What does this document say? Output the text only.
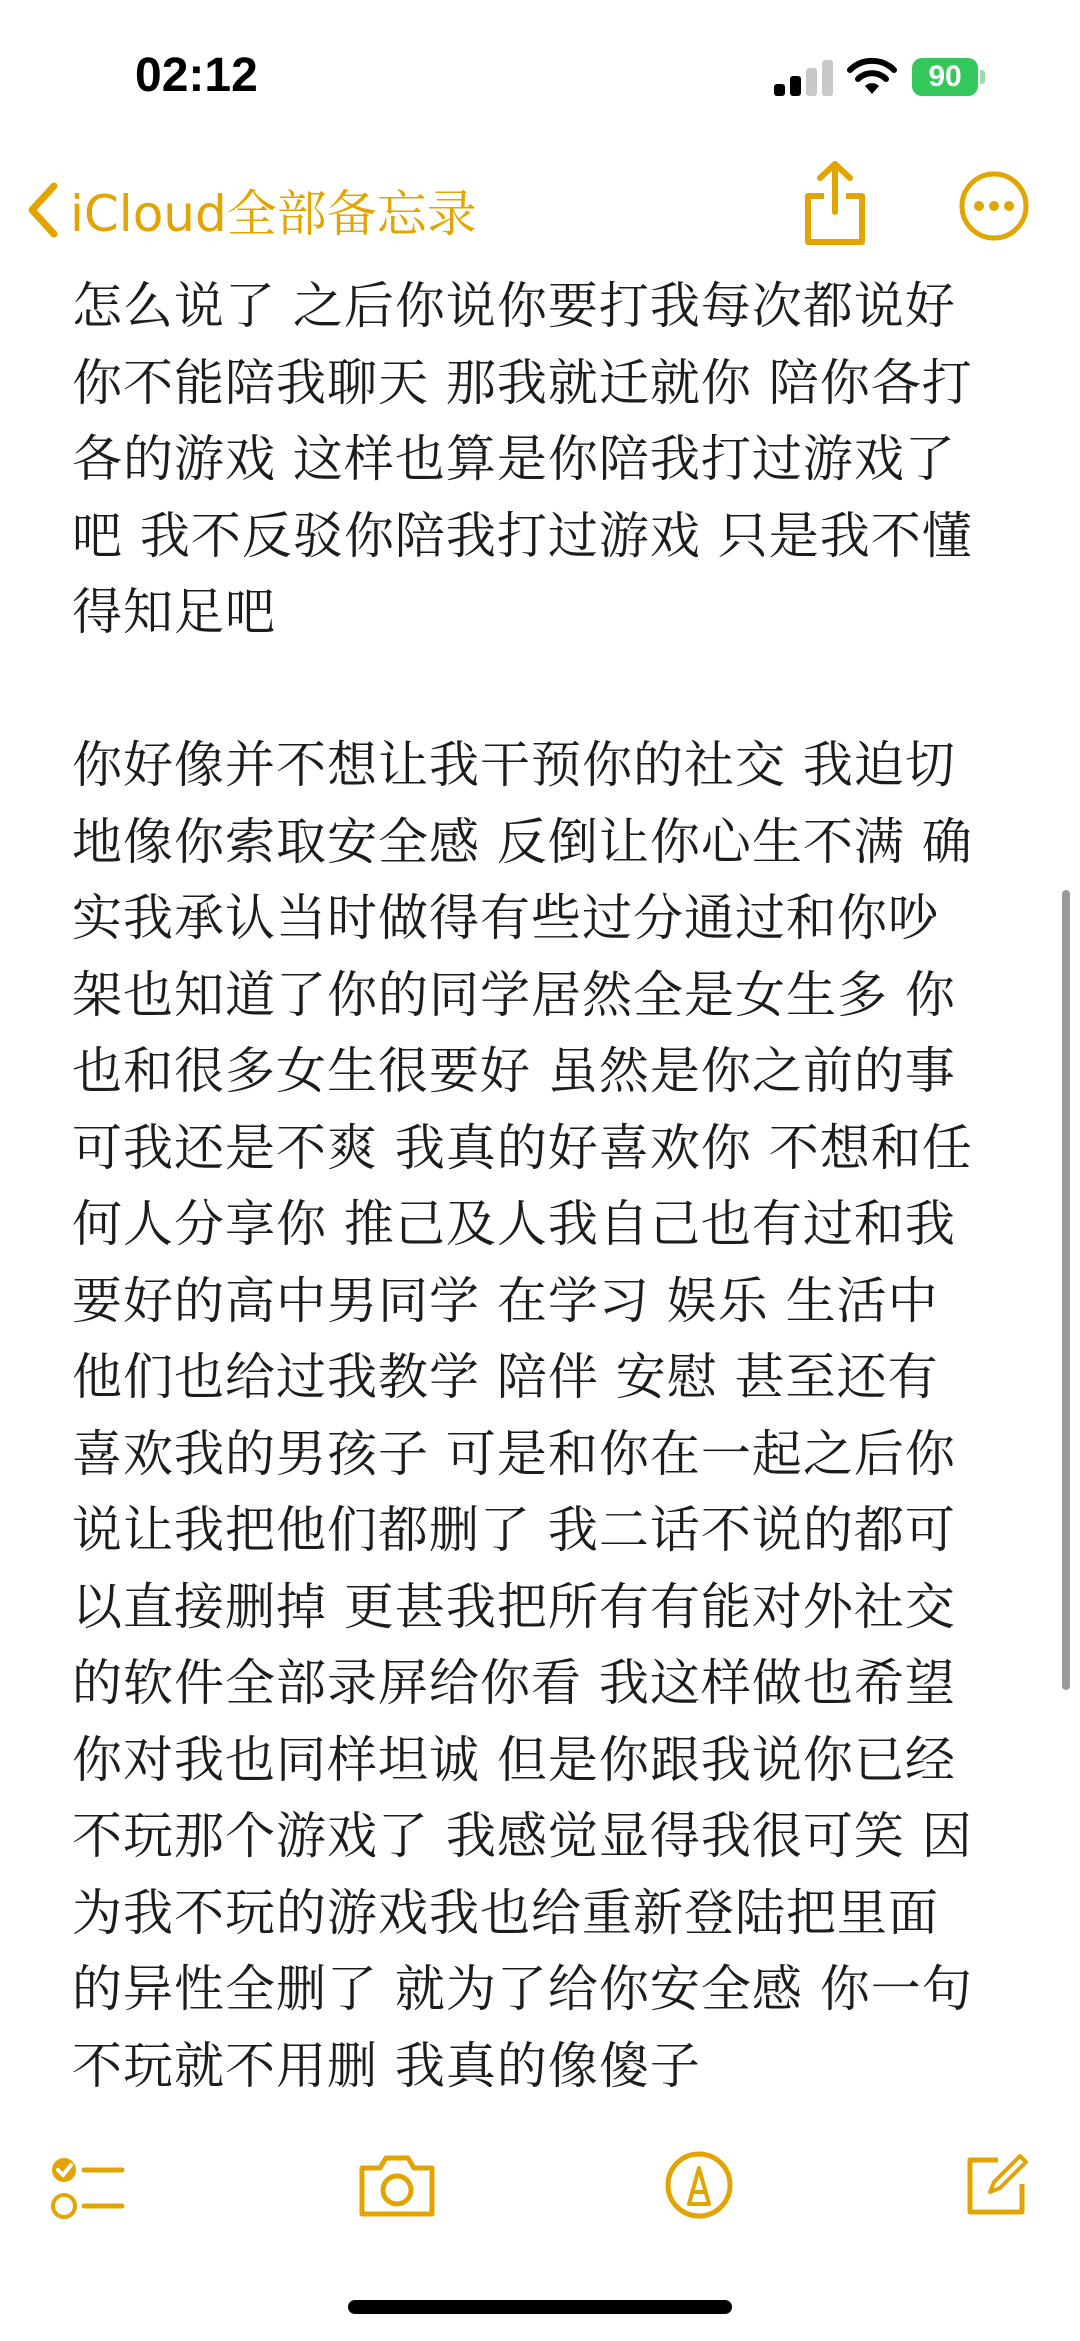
02:12	90
iCloud全部备忘录
怎么说了 之后你说你要打我每次都说好
你不能陪我聊天 那我就迁就你 陪你各打
各的游戏 这样也算是你陪我打过游戏了
吧 我不反驳你陪我打过游戏 只是我不懂
得知足吧
你好像并不想让我干预你的社交 我迫切
地像你索取安全感 反倒让你心生不满 确
实我承认当时做得有些过分通过和你吵
架也知道了你的同学居然全是女生多 你
也和很多女生很要好 虽然是你之前的事
可我还是不爽 我真的好喜欢你 不想和任
何人分享你 推己及人我自己也有过和我
要好的高中男同学 在学习 娱乐 生活中
他们也给过我教学 陪伴 安慰 甚至还有
喜欢我的男孩子 可是和你在一起之后你
说让我把他们都删了 我二话不说的都可
以直接删掉 更甚我把所有有能对外社交
的软件全部录屏给你看 我这样做也希望
你对我也同样坦诚 但是你跟我说你已经
不玩那个游戏了 我感觉显得我很可笑 因
为我不玩的游戏我也给重新登陆把里面
的异性全删了 就为了给你安全感 你一句
不玩就不用删 我真的像傻子
